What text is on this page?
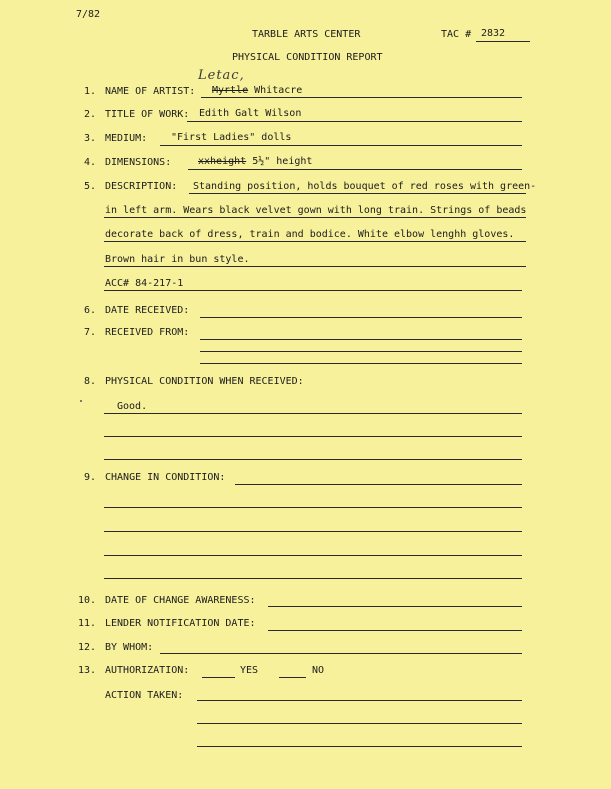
7/82
TARBLE ARTS CENTER	TAC # 2832
PHYSICAL CONDITION REPORT
Letac,
1. NAME OF ARTIST: Myrtle Whitacre
2. TITLE OF WORK: Edith Galt Wilson
3. MEDIUM: "First Ladies" dolls
4. DIMENSIONS:	xxheight 5½" height
5. DESCRIPTION: Standing position, holds bouquet of red roses with green-
in left arm. Wears black velvet gown with long train. Strings of beads
decorate back of dress, train and bodice. White elbow lenghh gloves.
Brown hair in bun style.
ACC# 84-217-1
6. DATE RECEIVED:
7. RECEIVED FROM:
8. PHYSICAL CONDITION WHEN RECEIVED:
Good.
9. CHANGE IN CONDITION:
10. DATE OF CHANGE AWARENESS:
11. LENDER NOTIFICATION DATE:
12. BY WHOM:
13. AUTHORIZATION:	YES	NO
ACTION TAKEN:
